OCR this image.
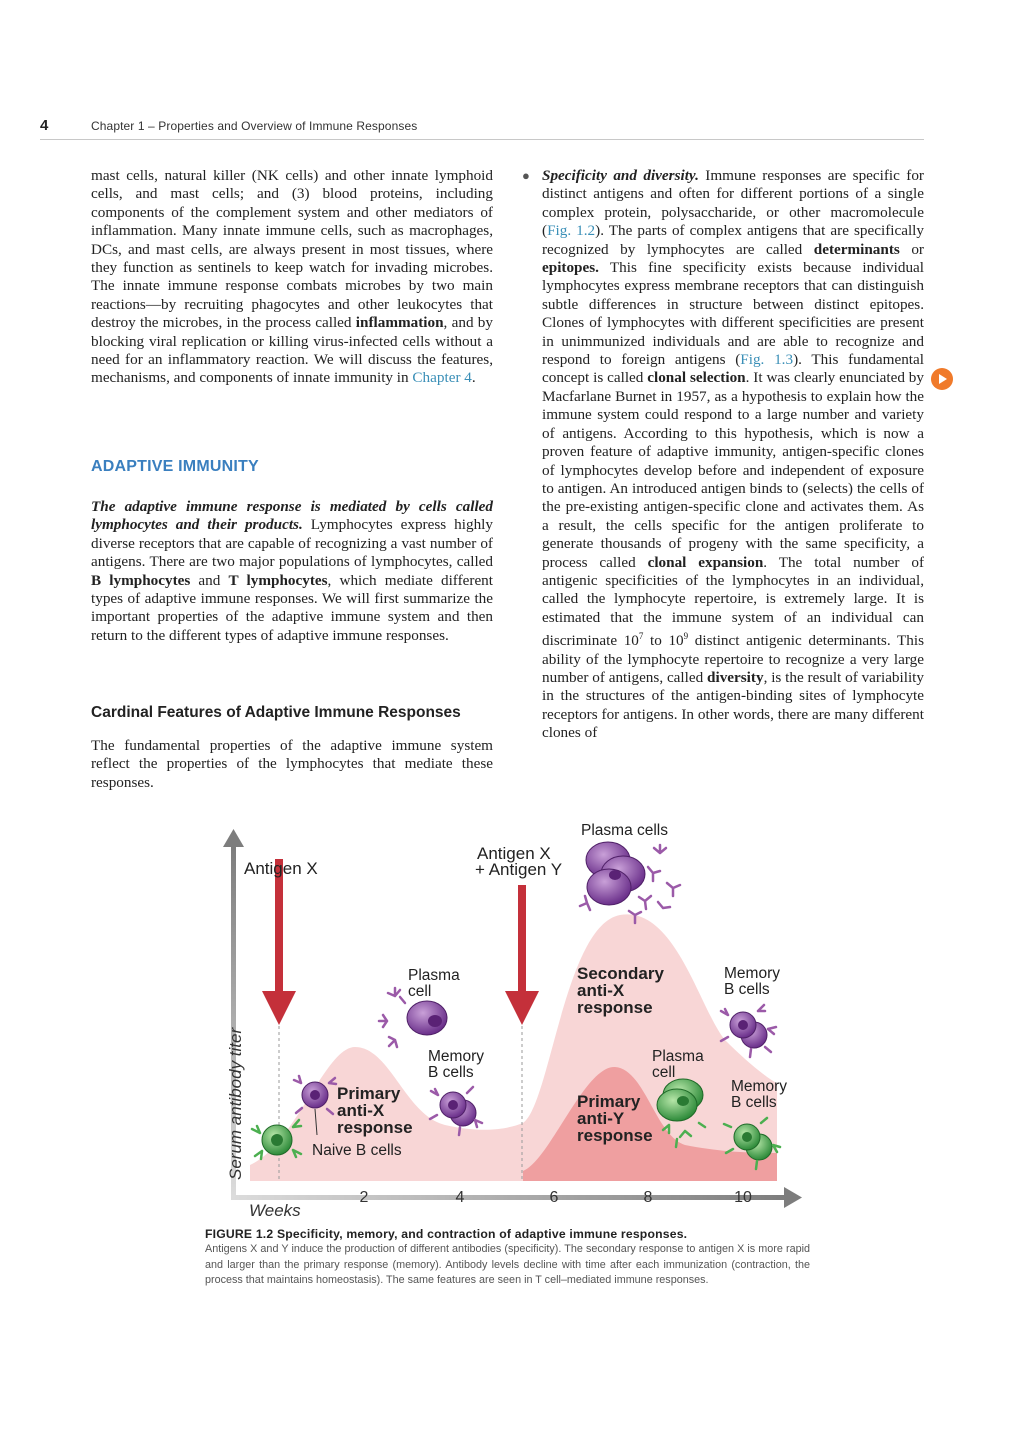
4	Chapter 1 – Properties and Overview of Immune Responses

mast cells, natural killer (NK cells) and other innate lymphoid cells, and mast cells; and (3) blood proteins, including components of the complement system and other mediators of inflammation. Many innate immune cells, such as macrophages, DCs, and mast cells, are always present in most tissues, where they function as sentinels to keep watch for invading microbes. The innate immune response combats microbes by two main reactions—by recruiting phagocytes and other leukocytes that destroy the microbes, in the process called inflammation, and by blocking viral replication or killing virus-infected cells without a need for an inflammatory reaction. We will discuss the features, mechanisms, and components of innate immunity in Chapter 4.

ADAPTIVE IMMUNITY

The adaptive immune response is mediated by cells called lymphocytes and their products. Lymphocytes express highly diverse receptors that are capable of recognizing a vast number of antigens. There are two major populations of lymphocytes, called B lymphocytes and T lymphocytes, which mediate different types of adaptive immune responses. We will first summarize the important properties of the adaptive immune system and then return to the different types of adaptive immune responses.

Cardinal Features of Adaptive Immune Responses

The fundamental properties of the adaptive immune system reflect the properties of the lymphocytes that mediate these responses.

● Specificity and diversity. Immune responses are specific for distinct antigens and often for different portions of a single complex protein, polysaccharide, or other macromolecule (Fig. 1.2). The parts of complex antigens that are specifically recognized by lymphocytes are called determinants or epitopes. This fine specificity exists because individual lymphocytes express membrane receptors that can distinguish subtle differences in structure between distinct epitopes. Clones of lymphocytes with different specificities are present in unimmunized individuals and are able to recognize and respond to foreign antigens (Fig. 1.3). This fundamental concept is called clonal selection. It was clearly enunciated by Macfarlane Burnet in 1957, as a hypothesis to explain how the immune system could respond to a large number and variety of antigens. According to this hypothesis, which is now a proven feature of adaptive immunity, antigen-specific clones of lymphocytes develop before and independent of exposure to antigen. An introduced antigen binds to (selects) the cells of the pre-existing antigen-specific clone and activates them. As a result, the cells specific for the antigen proliferate to generate thousands of progeny with the same specificity, a process called clonal expansion. The total number of antigenic specificities of the lymphocytes in an individual, called the lymphocyte repertoire, is extremely large. It is estimated that the immune system of an individual can discriminate $10^7$ to $10^9$ distinct antigenic determinants. This ability of the lymphocyte repertoire to recognize a very large number of antigens, called diversity, is the result of variability in the structures of the antigen-binding sites of lymphocyte receptors for antigens. In other words, there are many different clones of

Serum antibody titer
Weeks
2	4	6	8	10
Antigen X
Antigen X
+ Antigen Y
Naive B cells
Primary
anti-X
response
Plasma
cell
Memory
B cells
Plasma cells
Secondary
anti-X
response
Memory
B cells
Plasma
cell
Primary
anti-Y
response
Memory
B cells
FIGURE 1.2 Specificity, memory, and contraction of adaptive immune responses.
Antigens X and Y induce the production of different antibodies (specificity). The secondary response to antigen X is more rapid and larger than the primary response (memory). Antibody levels decline with time after each immunization (contraction, the process that maintains homeostasis). The same features are seen in T cell–mediated immune responses.
